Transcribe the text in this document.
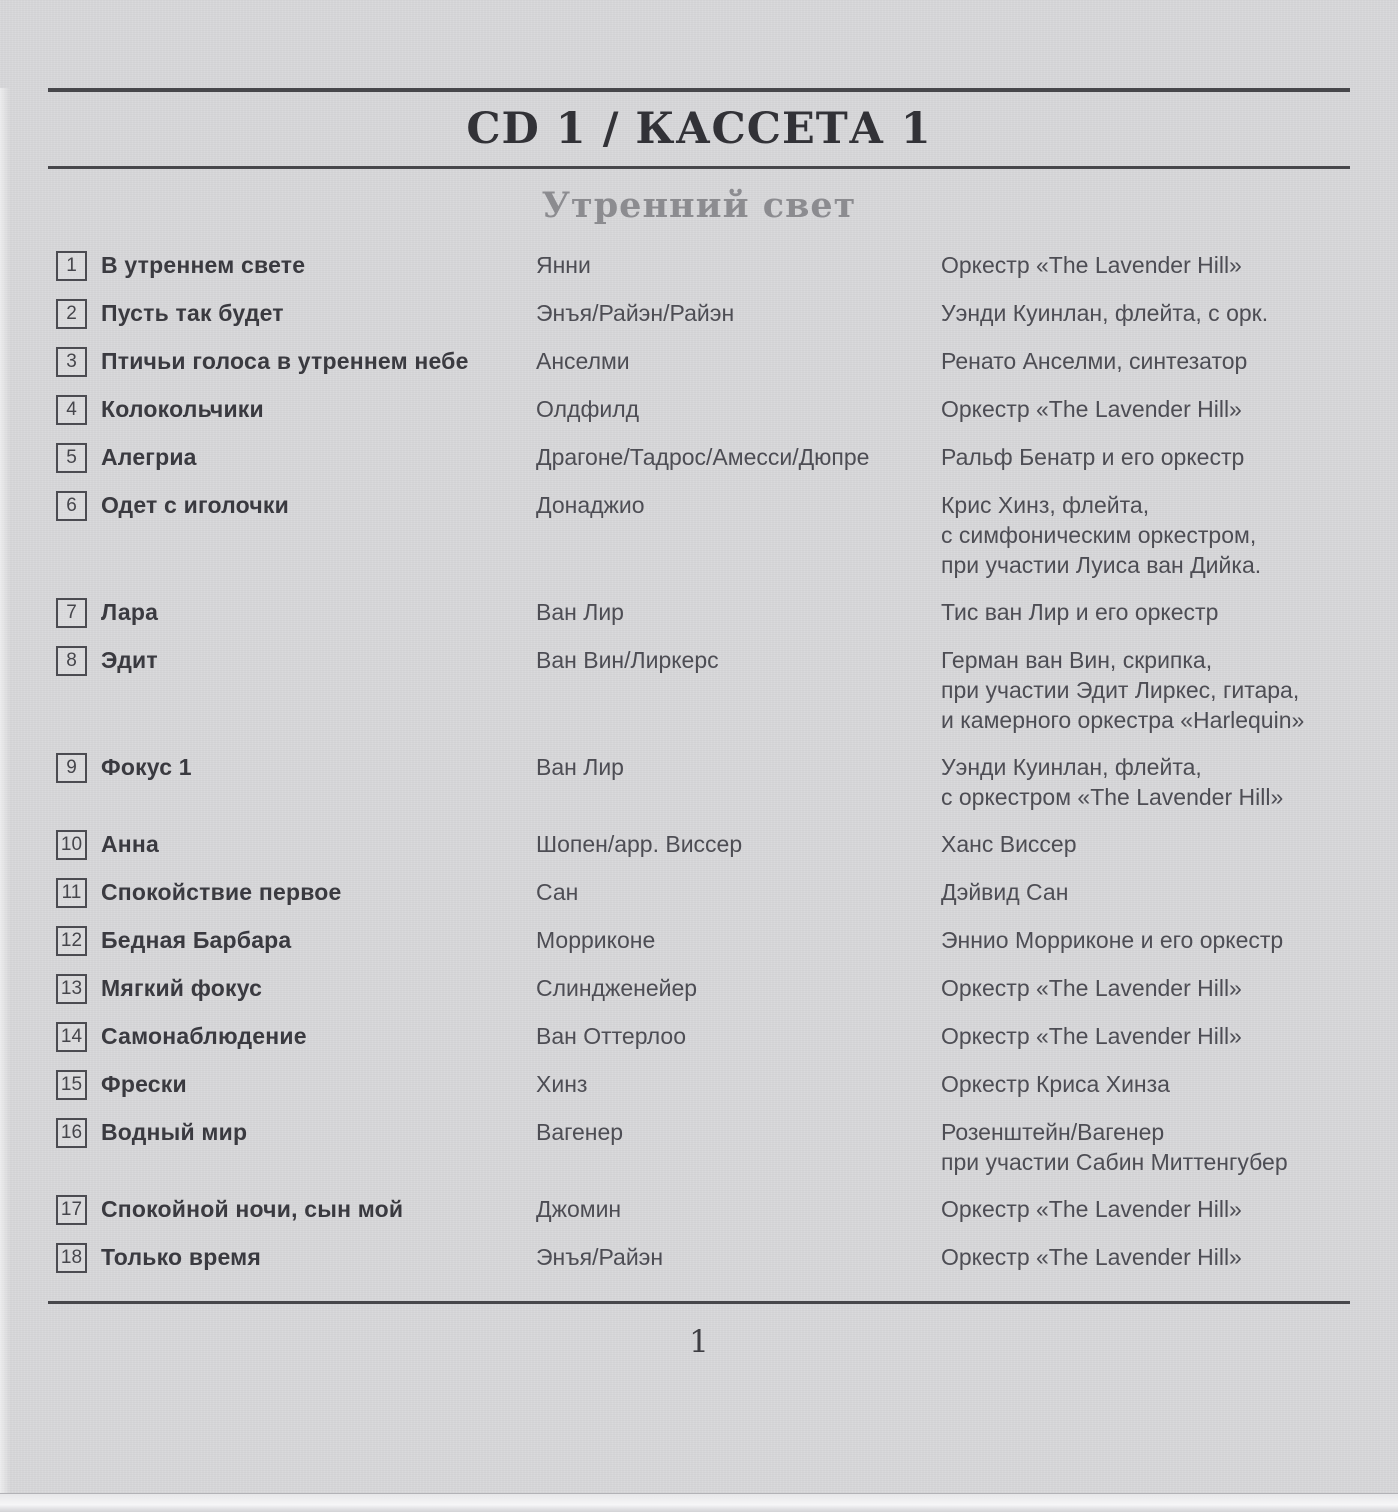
CD 1 / КАССЕТА 1
Утренний свет
1	В утреннем свете	Янни	Оркестр «The Lavender Hill»
2	Пусть так будет	Энъя/Райэн/Райэн	Уэнди Куинлан, флейта, с орк.
3	Птичьи голоса в утреннем небе	Анселми	Ренато Анселми, синтезатор
4	Колокольчики	Олдфилд	Оркестр «The Lavender Hill»
5	Алегриа	Драгоне/Тадрос/Амесси/Дюпре	Ральф Бенатр и его оркестр
6	Одет с иголочки	Донаджио	Крис Хинз, флейта,
с симфоническим оркестром,
при участии Луиса ван Дийка.
7	Лара	Ван Лир	Тис ван Лир и его оркестр
8	Эдит	Ван Вин/Лиркерс	Герман ван Вин, скрипка,
при участии Эдит Лиркес, гитара,
и камерного оркестра «Harlequin»
9	Фокус 1	Ван Лир	Уэнди Куинлан, флейта,
с оркестром «The Lavender Hill»
10 Анна	Шопен/арр. Виссер	Ханс Виссер
11 Спокойствие первое	Сан	Дэйвид Сан
12 Бедная Барбара	Морриконе	Эннио Морриконе и его оркестр
13 Мягкий фокус	Слиндженейер	Оркестр «The Lavender Hill»
14 Самонаблюдение	Ван Оттерлоо	Оркестр «The Lavender Hill»
15 Фрески	Хинз	Оркестр Криса Хинза
16 Водный мир	Вагенер	Розенштейн/Вагенер
при участии Сабин Миттенгубер
17 Спокойной ночи, сын мой	Джомин	Оркестр «The Lavender Hill»
18 Только время	Энъя/Райэн	Оркестр «The Lavender Hill»
1
